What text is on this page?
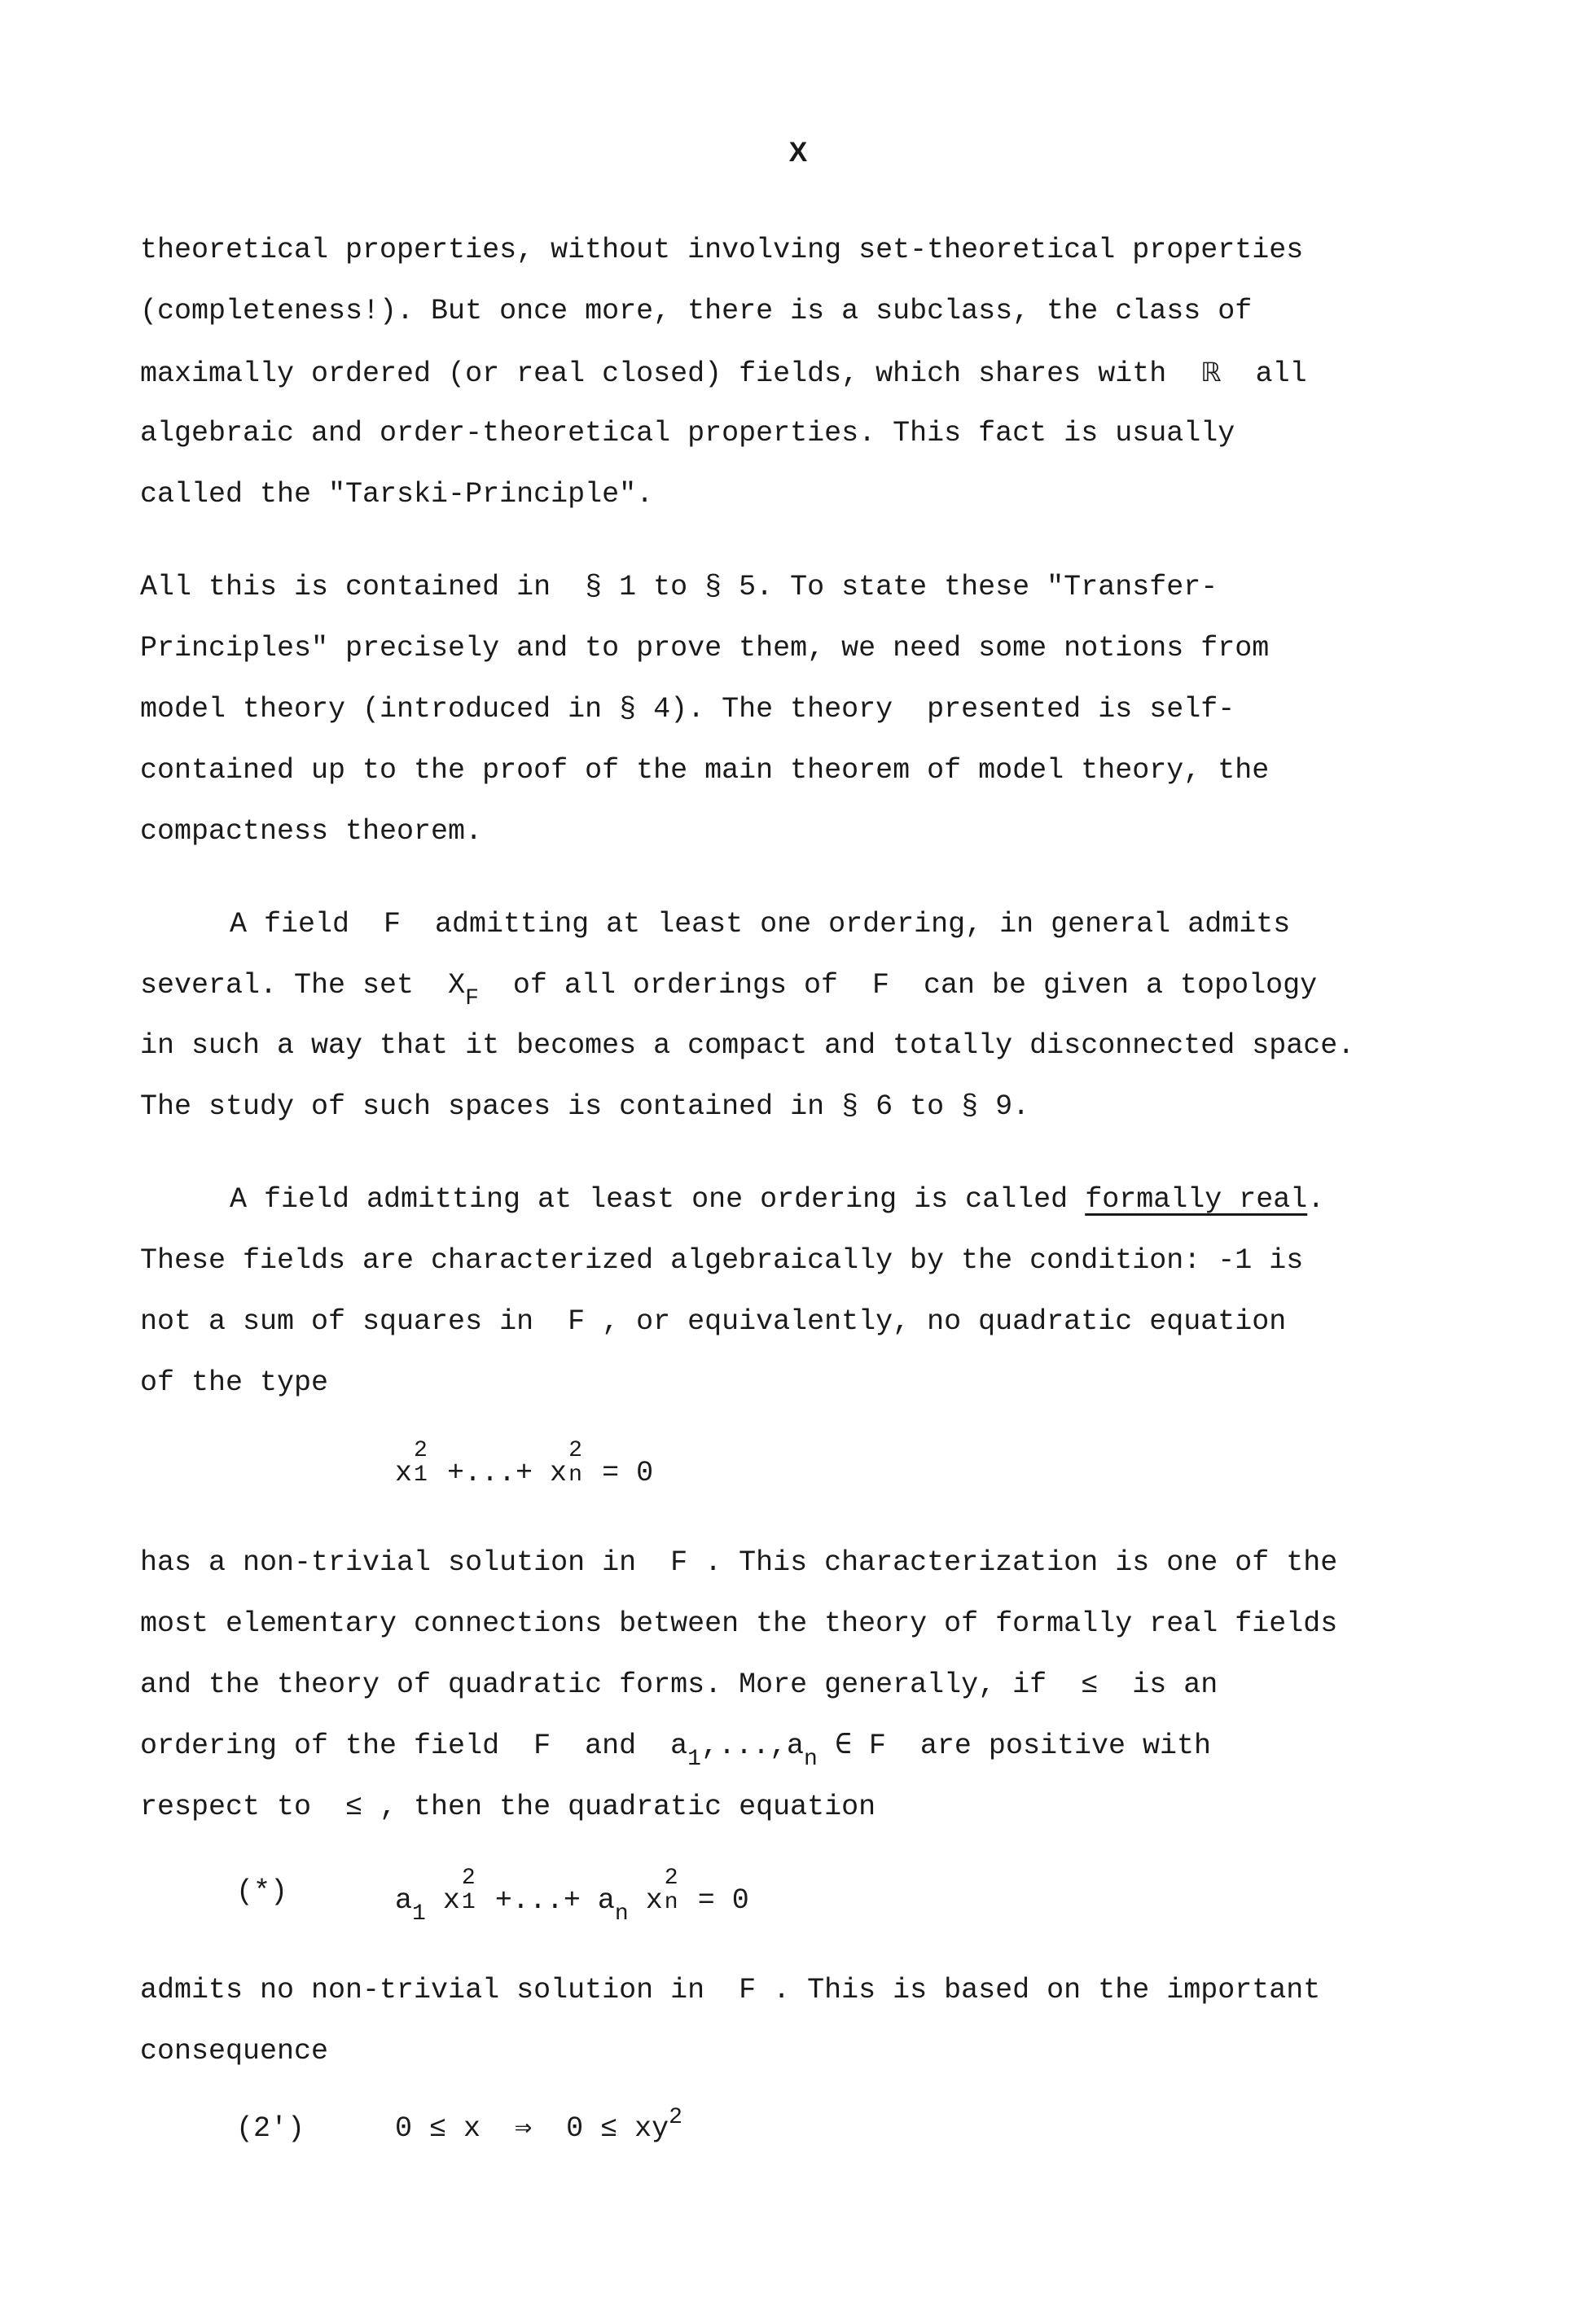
X
theoretical properties, without involving set-theoretical properties
(completeness!). But once more, there is a subclass, the class of
maximally ordered (or real closed) fields, which shares with ℝ all
algebraic and order-theoretical properties. This fact is usually
called the "Tarski-Principle".
All this is contained in  § 1 to § 5. To state these "Transfer-
Principles" precisely and to prove them, we need some notions from
model theory (introduced in § 4). The theory  presented is self-
contained up to the proof of the main theorem of model theory, the
compactness theorem.
A field  F  admitting at least one ordering, in general admits
several. The set $X_F$ of all orderings of  F  can be given a topology
in such a way that it becomes a compact and totally disconnected space.
The study of such spaces is contained in § 6 to § 9.
A field admitting at least one ordering is called formally real.
These fields are characterized algebraically by the condition: -1 is
not a sum of squares in  F , or equivalently, no quadratic equation
of the type
x
2
1 +...+ x
2
n = 0
has a non-trivial solution in  F . This characterization is one of the
most elementary connections between the theory of formally real fields
and the theory of quadratic forms. More generally, if  ≤  is an
ordering of the field  F  and $a_1,...,a_n$ ∈ F are positive with
respect to  ≤ , then the quadratic equation
(*)	$a_1$ x
2
1 +...+ $a_n$ x
2
n = 0
admits no non-trivial solution in  F . This is based on the important
consequence
(2')	0 ≤ x  ⇒  $0 \le xy^2$
